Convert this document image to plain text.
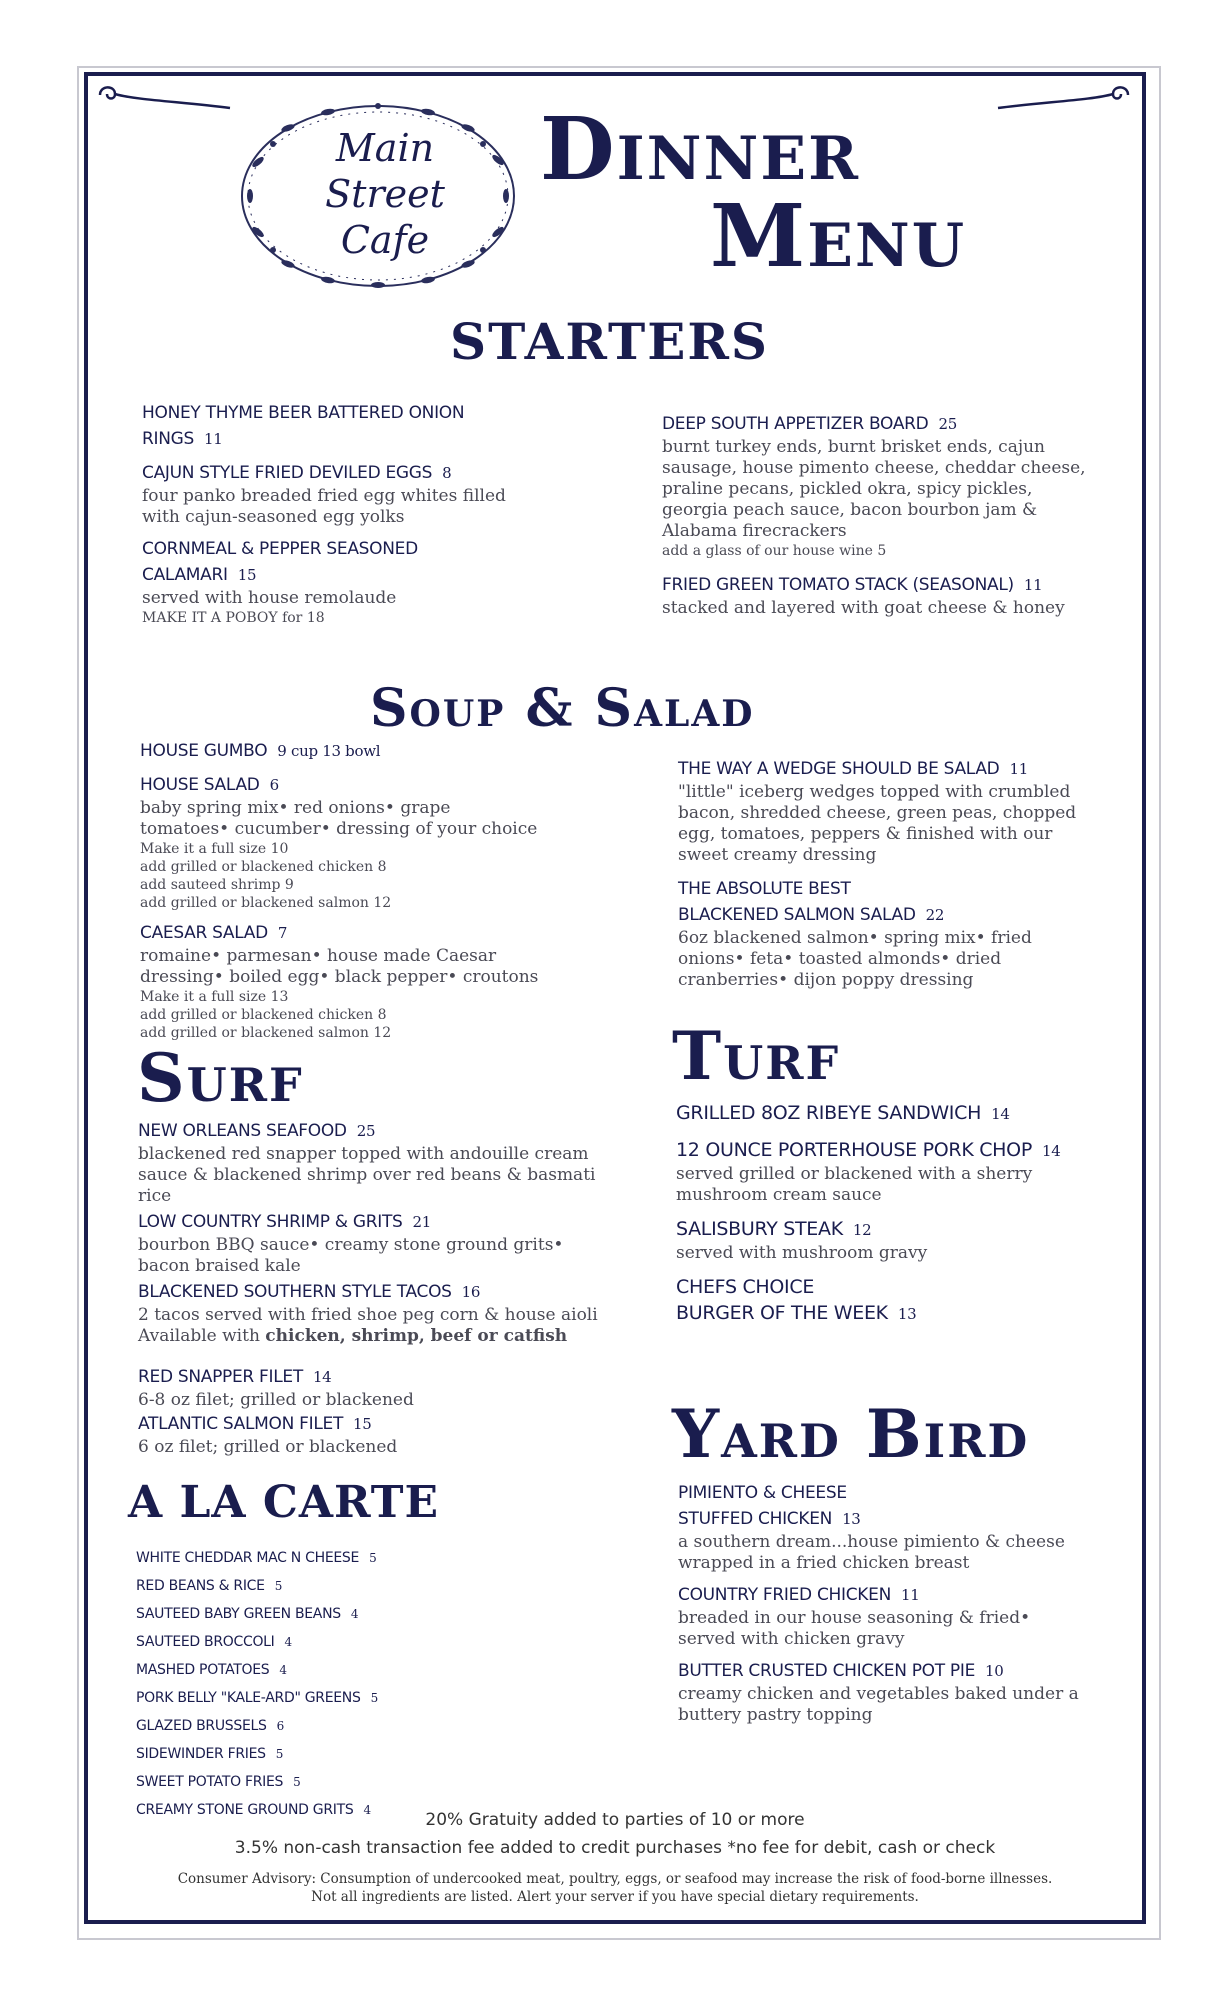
Main
Street
Cafe
Dinner
Menu
STARTERS
HONEY THYME BEER BATTERED ONION RINGS 11
CAJUN STYLE FRIED DEVILED EGGS 8
four panko breaded fried egg whites filled with cajun-seasoned egg yolks
CORNMEAL & PEPPER SEASONED CALAMARI 15
served with house remolaude
MAKE IT A POBOY for 18
DEEP SOUTH APPETIZER BOARD 25
burnt turkey ends, burnt brisket ends, cajun sausage, house pimento cheese, cheddar cheese, praline pecans, pickled okra, spicy pickles, georgia peach sauce, bacon bourbon jam & Alabama firecrackers
add a glass of our house wine 5
FRIED GREEN TOMATO STACK (SEASONAL) 11
stacked and layered with goat cheese & honey
Soup & Salad
HOUSE GUMBO 9 cup 13 bowl
HOUSE SALAD 6
baby spring mix• red onions• grape tomatoes• cucumber• dressing of your choice
Make it a full size 10
add grilled or blackened chicken 8
add sauteed shrimp 9
add grilled or blackened salmon 12
CAESAR SALAD 7
romaine• parmesan• house made Caesar dressing• boiled egg• black pepper• croutons
Make it a full size 13
add grilled or blackened chicken 8
add grilled or blackened salmon 12
THE WAY A WEDGE SHOULD BE SALAD 11
"little" iceberg wedges topped with crumbled bacon, shredded cheese, green peas, chopped egg, tomatoes, peppers & finished with our sweet creamy dressing
THE ABSOLUTE BEST
BLACKENED SALMON SALAD 22
6oz blackened salmon• spring mix• fried onions• feta• toasted almonds• dried cranberries• dijon poppy dressing
Surf
NEW ORLEANS SEAFOOD 25
blackened red snapper topped with andouille cream sauce & blackened shrimp over red beans & basmati rice
LOW COUNTRY SHRIMP & GRITS 21
bourbon BBQ sauce• creamy stone ground grits• bacon braised kale
BLACKENED SOUTHERN STYLE TACOS 16
2 tacos served with fried shoe peg corn & house aioli
Available with chicken, shrimp, beef or catfish
RED SNAPPER FILET 14
6-8 oz filet; grilled or blackened
ATLANTIC SALMON FILET 15
6 oz filet; grilled or blackened
Turf
GRILLED 8OZ RIBEYE SANDWICH 14
12 OUNCE PORTERHOUSE PORK CHOP 14
served grilled or blackened with a sherry mushroom cream sauce
SALISBURY STEAK 12
served with mushroom gravy
CHEFS CHOICE
BURGER OF THE WEEK 13
Yard Bird
PIMIENTO & CHEESE
STUFFED CHICKEN 13
a southern dream...house pimiento & cheese wrapped in a fried chicken breast
COUNTRY FRIED CHICKEN 11
breaded in our house seasoning & fried• served with chicken gravy
BUTTER CRUSTED CHICKEN POT PIE 10
creamy chicken and vegetables baked under a buttery pastry topping
A LA CARTE
WHITE CHEDDAR MAC N CHEESE 5
RED BEANS & RICE 5
SAUTEED BABY GREEN BEANS 4
SAUTEED BROCCOLI 4
MASHED POTATOES 4
PORK BELLY "KALE-ARD" GREENS 5
GLAZED BRUSSELS 6
SIDEWINDER FRIES 5
SWEET POTATO FRIES 5
CREAMY STONE GROUND GRITS 4	20% Gratuity added to parties of 10 or more
3.5% non-cash transaction fee added to credit purchases *no fee for debit, cash or check
Consumer Advisory: Consumption of undercooked meat, poultry, eggs, or seafood may increase the risk of food-borne illnesses.
Not all ingredients are listed. Alert your server if you have special dietary requirements.
